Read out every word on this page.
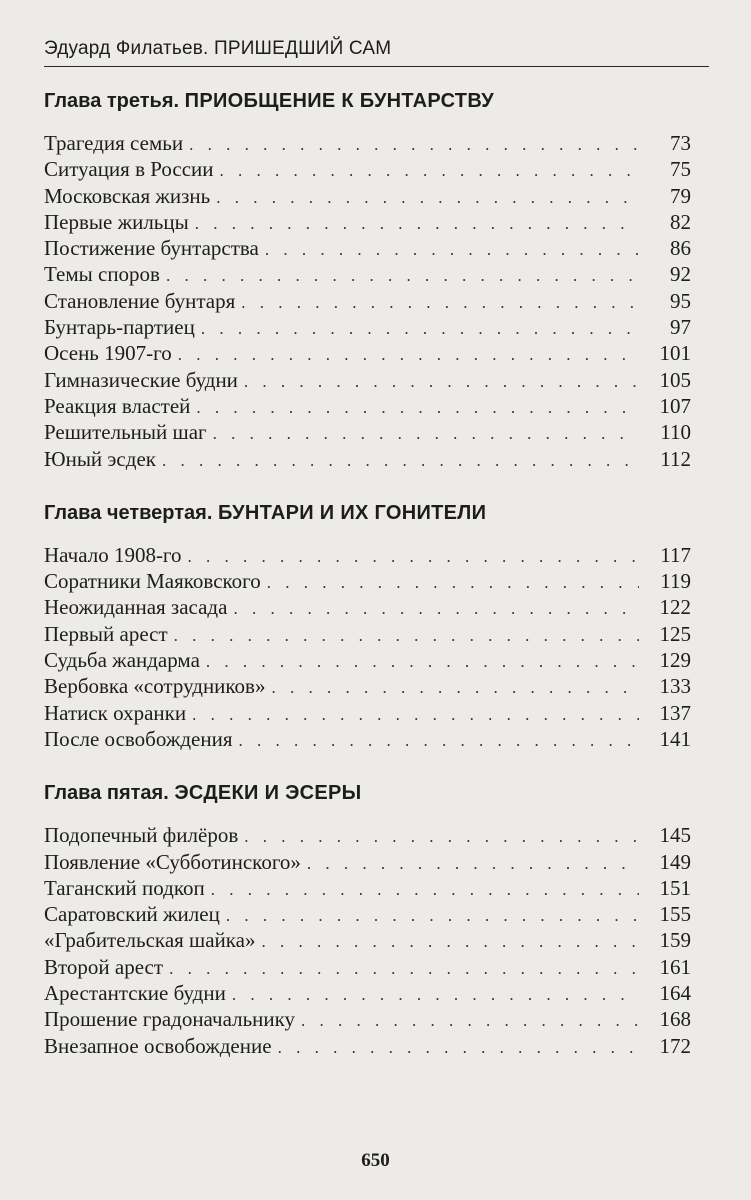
Эдуард Филатьев. ПРИШЕДШИЙ САМ
Глава третья. ПРИОБЩЕНИЕ К БУНТАРСТВУ
Трагедия семьи . . .	73
Ситуация в России . . .	75
Московская жизнь . . .	79
Первые жильцы . . .	82
Постижение бунтарства . . .	86
Темы споров . . .	92
Становление бунтаря . . .	95
Бунтарь-партиец . . .	97
Осень 1907-го . . .	101
Гимназические будни . . .	105
Реакция властей . . .	107
Решительный шаг . . .	110
Юный эсдек . . .	112
Глава четвертая. БУНТАРИ И ИХ ГОНИТЕЛИ
Начало 1908-го . . .	117
Соратники Маяковского . . .	119
Неожиданная засада . . .	122
Первый арест . . .	125
Судьба жандарма . . .	129
Вербовка «сотрудников» . . .	133
Натиск охранки . . .	137
После освобождения . . .	141
Глава пятая. ЭСДЕКИ И ЭСЕРЫ
Подопечный филёров . . .	145
Появление «Субботинского» . . .	149
Таганский подкоп . . .	151
Саратовский жилец . . .	155
«Грабительская шайка» . . .	159
Второй арест . . .	161
Арестантские будни . . .	164
Прошение градоначальнику . . .	168
Внезапное освобождение . . .	172
650
